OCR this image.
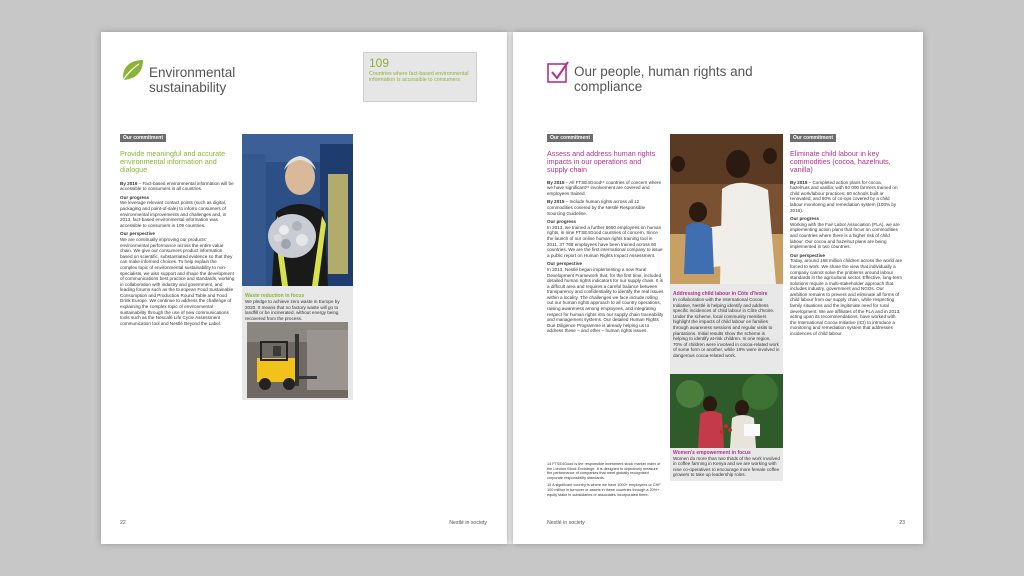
Environmental sustainability
109
Countries where fact-based environmental information is accessible to consumers
Our commitment
Provide meaningful and accurate environmental information and dialogue

By 2016 – Fact-based environmental information will be accessible to consumers in all countries.

Our progress

We leverage relevant contact points (such as digital, packaging and point-of-sale) to inform consumers of environmental improvements and challenges and, in 2013, fact-based environmental information was accessible to consumers in 109 countries.

Our perspective

We are continually improving our products' environmental performance across the entire value chain. We give our consumers product information based on scientific, substantiated evidence so that they can make informed choices. To help explain the complex topic of environmental sustainability to non-specialists, we also support and shape the development of communications best practice and standards, working in collaboration with industry and government, and leading forums such as the European Food Sustainable Consumption and Production Round Table and Food Drink Europe. We continue to address the challenge of explaining the complex topic of environmental sustainability through the use of new communications tools such as the Nescafé Life Cycle Assessment communication tool and Nestlé Beyond the Label.

Waste reduction in focus
We pledge to achieve zero waste in Europe by 2020. It means that no factory waste will go to landfill or be incinerated, without energy being recovered from the process.
22	Nestlé in society
Our people, human rights and compliance
Our commitment
Assess and address human rights impacts in our operations and supply chain

By 2015 – All FTSE4Good¹⁴ countries of concern where we have significant¹⁵ involvement are covered and employees trained.

By 2015 – Include human rights across all 12 commodities covered by the Nestlé Responsible Sourcing Guideline.

Our progress

In 2013, we trained a further 6650 employees on human rights, in nine FTSE4Good countries of concern. Since the launch of our online human rights training tool in 2011, 37 768 employees have been trained across 60 countries. We are the first international company to issue a public report on Human Rights Impact Assessment.

Our perspective

In 2013, Nestlé began implementing a new Rural Development Framework that, for the first time, included detailed human rights indicators for our supply chain. It is a difficult area and requires a careful balance between transparency and confidentiality to identify the real issues within a locality. The challenges we face include rolling out our human rights approach to all country operations, raising awareness among employees, and integrating respect for human rights into our supply chain traceability and management systems. Our detailed Human Rights Due Diligence Programme is already helping us to address these – and other – human rights issues.

14 FTSE4Good is the responsible investment stock market index of the London Stock Exchange. It is designed to objectively measure the performance of companies that meet globally recognised corporate responsibility standards.

15 A significant country is where we have 1000+ employees or CHF 100 million in turnover or assets in these countries through a 20%+ equity stake in subsidiaries or associates incorporated there.

Addressing child labour in Côte d'Ivoire
In collaboration with the International Cocoa Initiative, Nestlé is helping identify and address specific incidences of child labour in Côte d'Ivoire. Under the scheme, local community members highlight the impacts of child labour on families through awareness sessions and regular visits to plantations. Initial results show the scheme is helping to identify at-risk children. In one region, 70% of children were involved in cocoa-related work of some form or another, while 19% were involved in dangerous cocoa-related work.
Women's empowerment in focus
Women do more than two thirds of the work involved in coffee farming in Kenya and we are working with nine co-operatives to encourage more female coffee growers to take up leadership roles.
Our commitment
Eliminate child labour in key commodities (cocoa, hazelnuts, vanilla)

By 2015 – Completed action plans for cocoa, hazelnuts and vanilla; with 60 000 farmers trained on child work/labour practices; 60 schools built or renovated; and 80% of co-ops covered by a child labour monitoring and remediation system (100% by 2016).

Our progress

Working with the Fair Labor Association (FLA), we are implementing action plans that focus on commodities and countries where there is a higher risk of child labour. Our cocoa and hazelnut plans are being implemented in two countries.

Our perspective

Today, around 168 million children across the world are forced to work. We share the view that individually a company cannot solve the problems around labour standards in the agricultural sector. Effective, long-term solutions require a multi-stakeholder approach that includes industry, government and NGOs. Our ambition remains to prevent and eliminate all forms of child labour from our supply chain, while respecting family situations and the legitimate need for rural development. We are affiliates of the FLA and in 2013, acting upon its recommendations, have worked with the International Cocoa Initiative (ICI) to introduce a monitoring and remediation system that addresses incidences of child labour.

Nestlé in society	23
